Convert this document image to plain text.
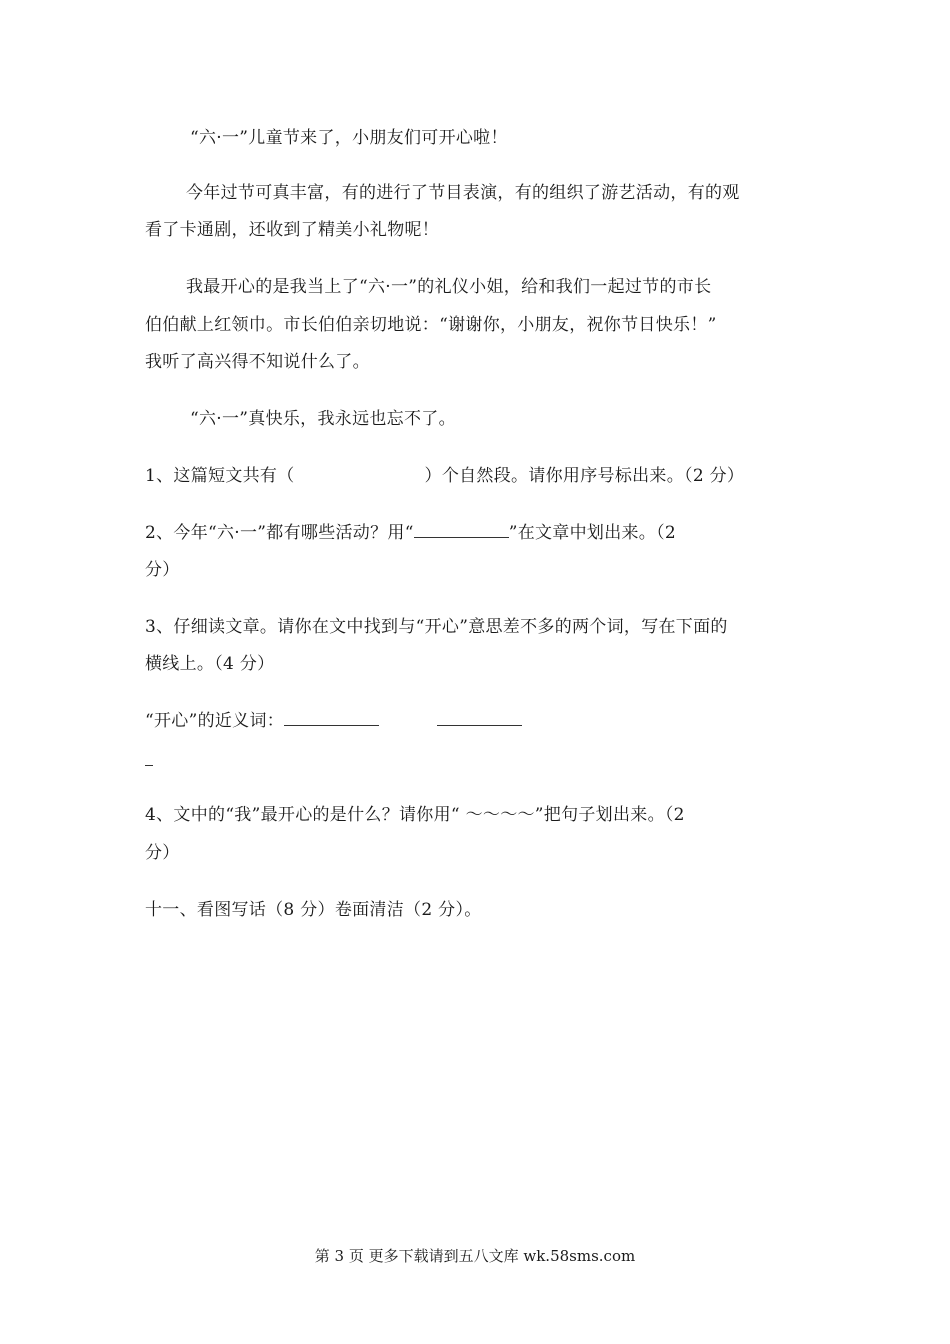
“六·一”儿童节来了，小朋友们可开心啦！
今年过节可真丰富，有的进行了节目表演，有的组织了游艺活动，有的观
看了卡通剧，还收到了精美小礼物呢！
我最开心的是我当上了“六·一”的礼仪小姐，给和我们一起过节的市长
伯伯献上红领巾。市长伯伯亲切地说：“谢谢你，小朋友，祝你节日快乐！”
我听了高兴得不知说什么了。
“六·一”真快乐，我永远也忘不了。
1、这篇短文共有（	）个自然段。请你用序号标出来。（2 分）
2、今年“六·一”都有哪些活动？用“	”在文章中划出来。（2
分）
3、仔细读文章。请你在文中找到与“开心”意思差不多的两个词，写在下面的
横线上。（4 分）
“开心”的近义词：
4、文中的“我”最开心的是什么？请你用“ ～～～～”把句子划出来。（2
分）
十一、看图写话（8 分）卷面清洁（2 分）。
第 3 页 更多下载请到五八文库 wk.58sms.com
